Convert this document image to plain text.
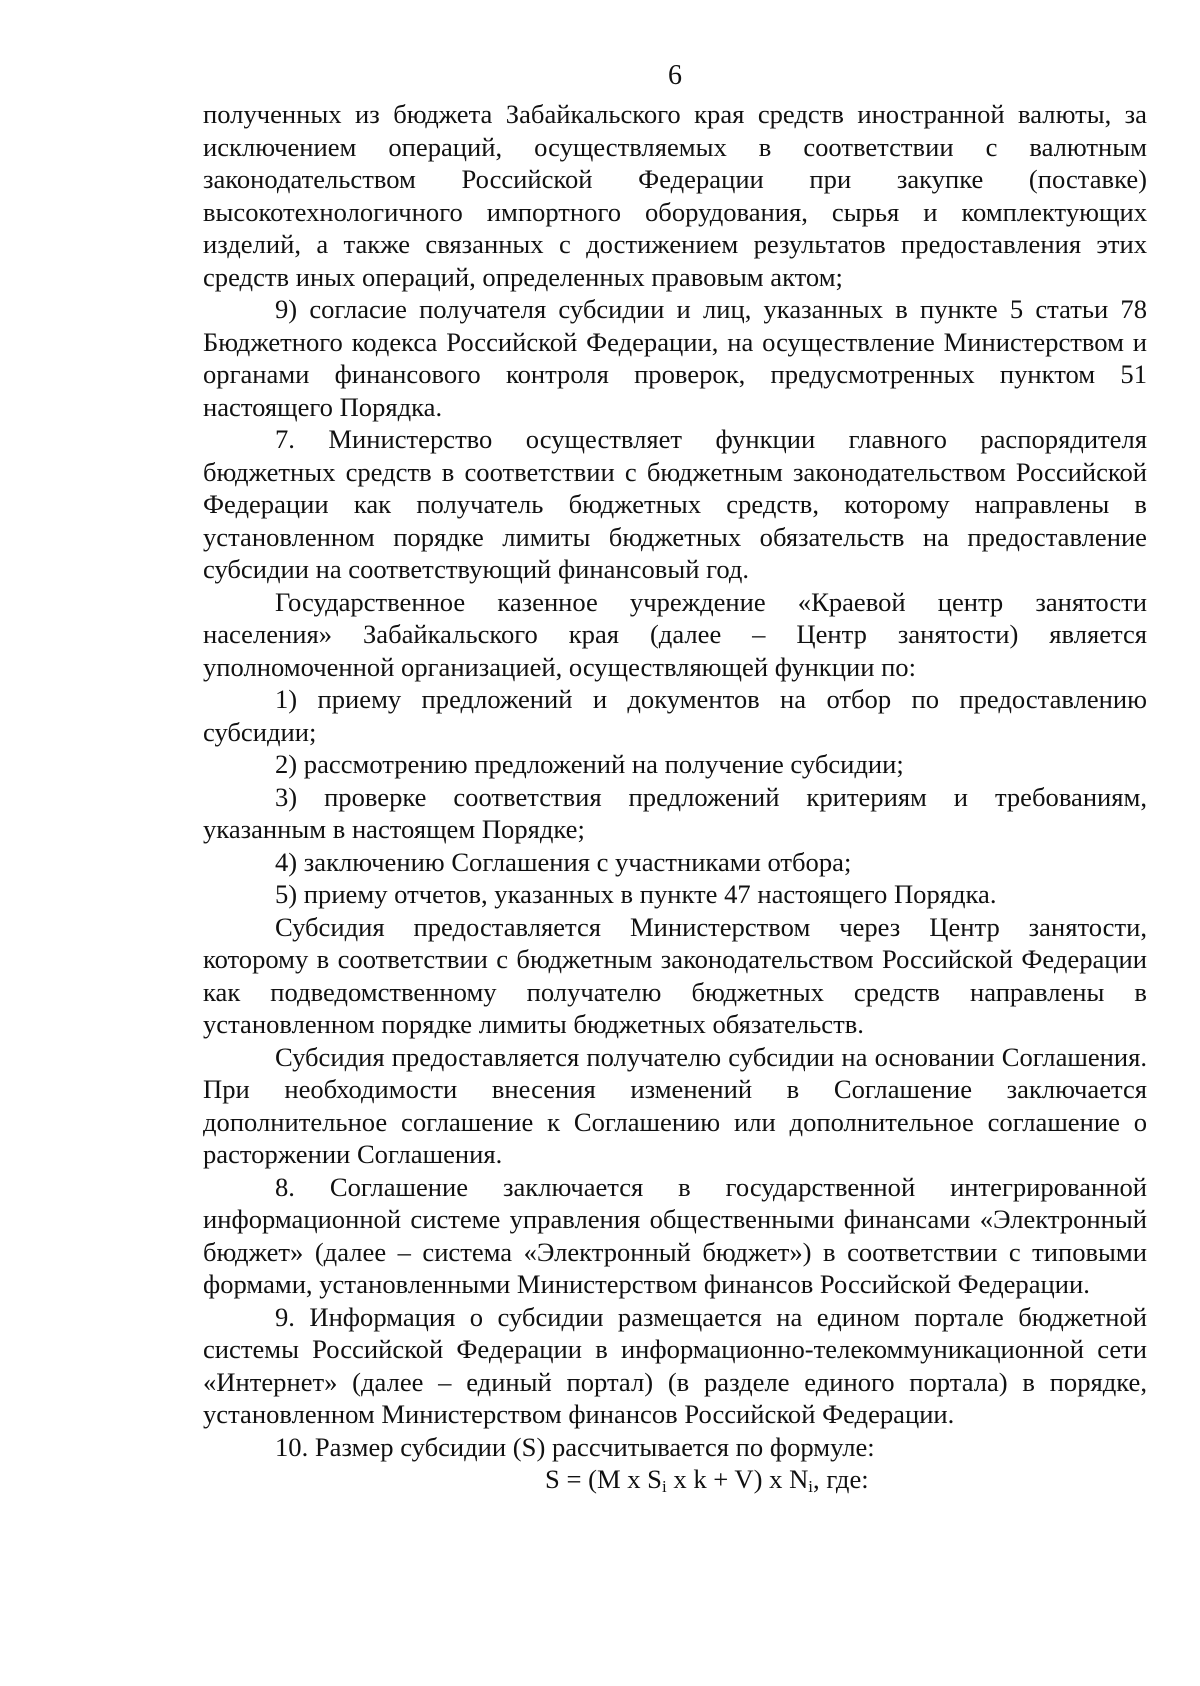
6

полученных из бюджета Забайкальского края средств иностранной валюты, за исключением операций, осуществляемых в соответствии с валютным законодательством Российской Федерации при закупке (поставке) высокотехнологичного импортного оборудования, сырья и комплектующих изделий, а также связанных с достижением результатов предоставления этих средств иных операций, определенных правовым актом;

9) согласие получателя субсидии и лиц, указанных в пункте 5 статьи 78 Бюджетного кодекса Российской Федерации, на осуществление Министерством и органами финансового контроля проверок, предусмотренных пунктом 51 настоящего Порядка.

7. Министерство осуществляет функции главного распорядителя бюджетных средств в соответствии с бюджетным законодательством Российской Федерации как получатель бюджетных средств, которому направлены в установленном порядке лимиты бюджетных обязательств на предоставление субсидии на соответствующий финансовый год.

Государственное казенное учреждение «Краевой центр занятости населения» Забайкальского края (далее – Центр занятости) является уполномоченной организацией, осуществляющей функции по:

1) приему предложений и документов на отбор по предоставлению субсидии;

2) рассмотрению предложений на получение субсидии;

3) проверке соответствия предложений критериям и требованиям, указанным в настоящем Порядке;

4) заключению Соглашения с участниками отбора;

5) приему отчетов, указанных в пункте 47 настоящего Порядка.

Субсидия предоставляется Министерством через Центр занятости, которому в соответствии с бюджетным законодательством Российской Федерации как подведомственному получателю бюджетных средств направлены в установленном порядке лимиты бюджетных обязательств.

Субсидия предоставляется получателю субсидии на основании Соглашения. При необходимости внесения изменений в Соглашение заключается дополнительное соглашение к Соглашению или дополнительное соглашение о расторжении Соглашения.

8. Соглашение заключается в государственной интегрированной информационной системе управления общественными финансами «Электронный бюджет» (далее – система «Электронный бюджет») в соответствии с типовыми формами, установленными Министерством финансов Российской Федерации.

9. Информация о субсидии размещается на едином портале бюджетной системы Российской Федерации в информационно-телекоммуникационной сети «Интернет» (далее – единый портал) (в разделе единого портала) в порядке, установленном Министерством финансов Российской Федерации.

10. Размер субсидии (S) рассчитывается по формуле:

S = (M x $S_i$ x k + V) x $N_i$, где:
